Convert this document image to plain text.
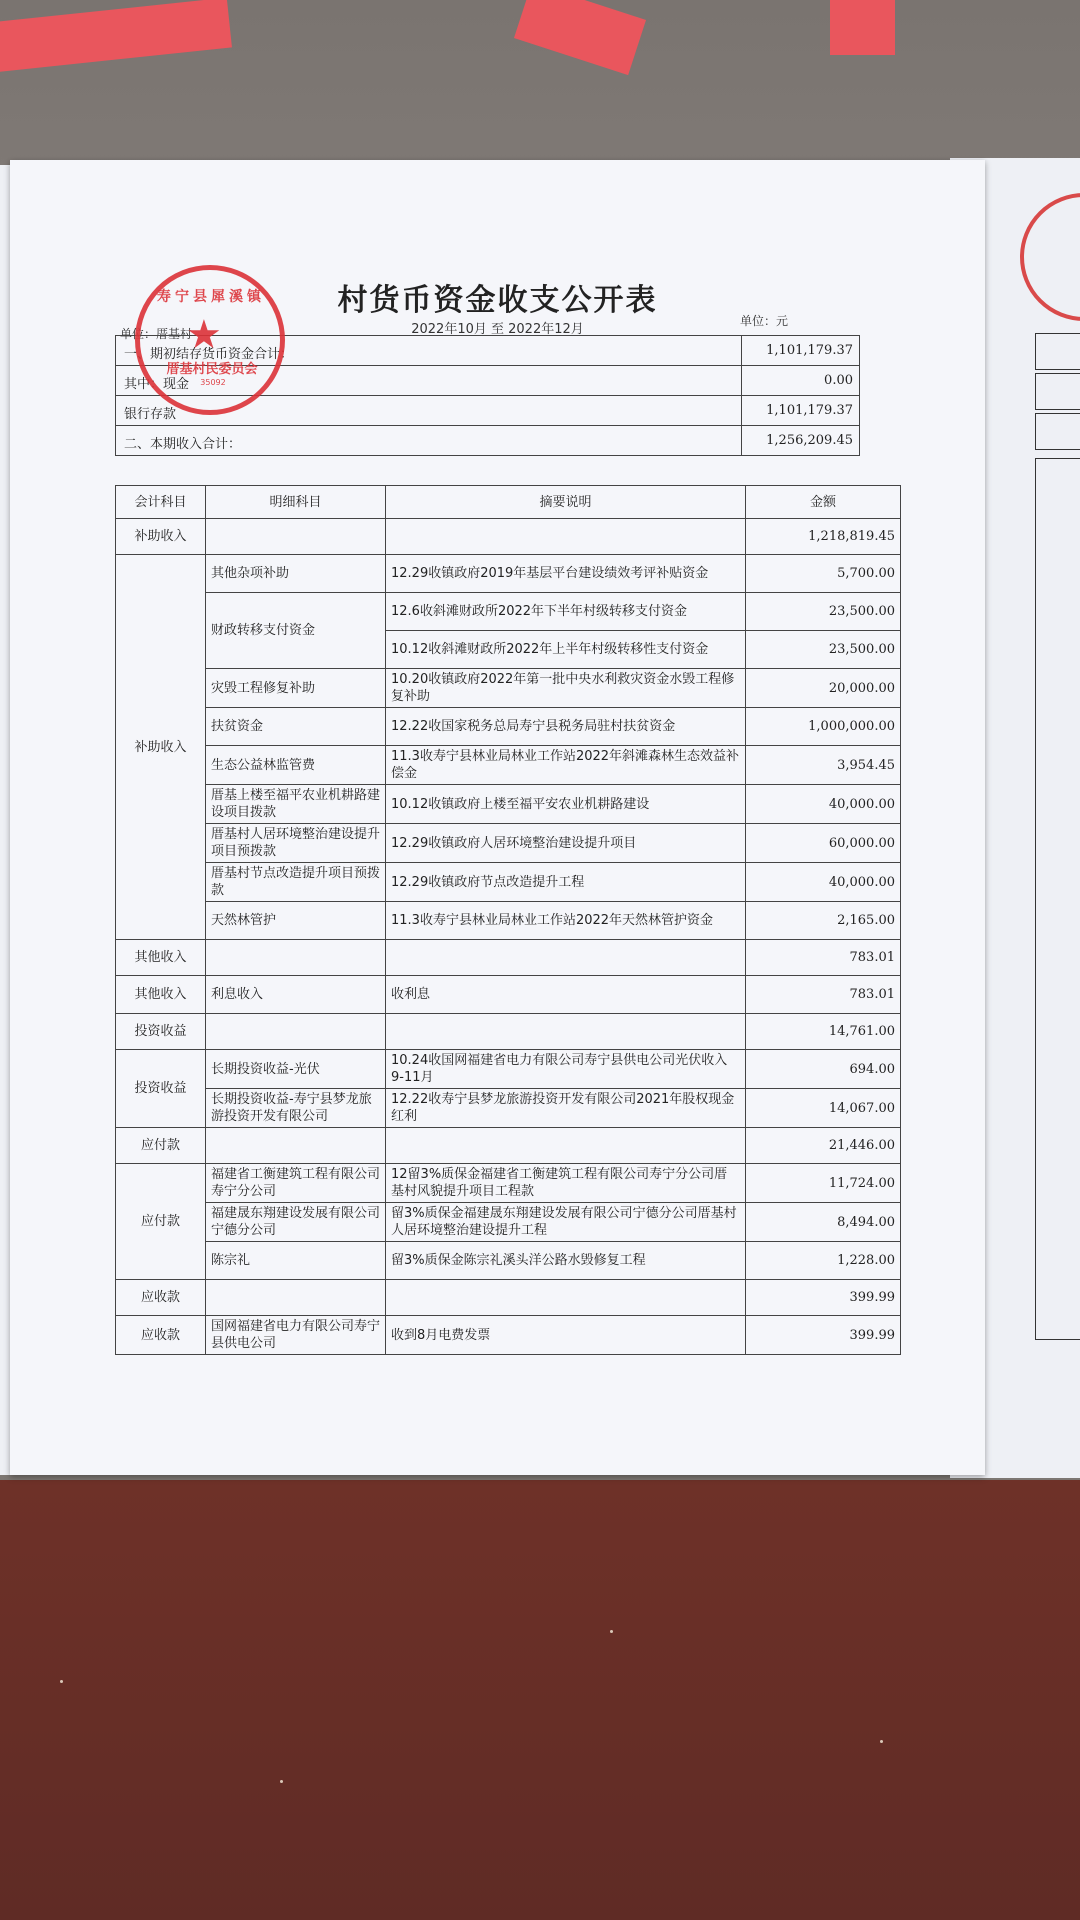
村货币资金收支公开表
2022年10月 至 2022年12月
单位：厝基村
单位：元
一、期初结存货币资金合计：	1,101,179.37
其中：现金	0.00
银行存款	1,101,179.37
二、本期收入合计：	1,256,209.45
会计科目	明细科目	摘要说明	金额
补助收入			1,218,819.45
补助收入	其他杂项补助	12.29收镇政府2019年基层平台建设绩效考评补贴资金	5,700.00
	财政转移支付资金	12.6收斜滩财政所2022年下半年村级转移支付资金	23,500.00
		10.12收斜滩财政所2022年上半年村级转移性支付资金	23,500.00
	灾毁工程修复补助	10.20收镇政府2022年第一批中央水利救灾资金水毁工程修复补助	20,000.00
	扶贫资金	12.22收国家税务总局寿宁县税务局驻村扶贫资金	1,000,000.00
	生态公益林监管费	11.3收寿宁县林业局林业工作站2022年斜滩森林生态效益补偿金	3,954.45
	厝基上楼至福平农业机耕路建设项目拨款	10.12收镇政府上楼至福平安农业机耕路建设	40,000.00
	厝基村人居环境整治建设提升项目预拨款	12.29收镇政府人居环境整治建设提升项目	60,000.00
	厝基村节点改造提升项目预拨款	12.29收镇政府节点改造提升工程	40,000.00
	天然林管护	11.3收寿宁县林业局林业工作站2022年天然林管护资金	2,165.00
其他收入			783.01
其他收入	利息收入	收利息	783.01
投资收益			14,761.00
投资收益	长期投资收益-光伏	10.24收国网福建省电力有限公司寿宁县供电公司光伏收入9-11月	694.00
	长期投资收益-寿宁县梦龙旅游投资开发有限公司	12.22收寿宁县梦龙旅游投资开发有限公司2021年股权现金红利	14,067.00
应付款			21,446.00
应付款	福建省工衡建筑工程有限公司寿宁分公司	12留3%质保金福建省工衡建筑工程有限公司寿宁分公司厝基村风貌提升项目工程款	11,724.00
	福建晟东翔建设发展有限公司宁德分公司	留3%质保金福建晟东翔建设发展有限公司宁德分公司厝基村人居环境整治建设提升工程	8,494.00
	陈宗礼	留3%质保金陈宗礼溪头洋公路水毁修复工程	1,228.00
应收款			399.99
应收款	国网福建省电力有限公司寿宁县供电公司	收到8月电费发票	399.99
寿宁县犀溪镇
★
厝基村民委员会
35092
